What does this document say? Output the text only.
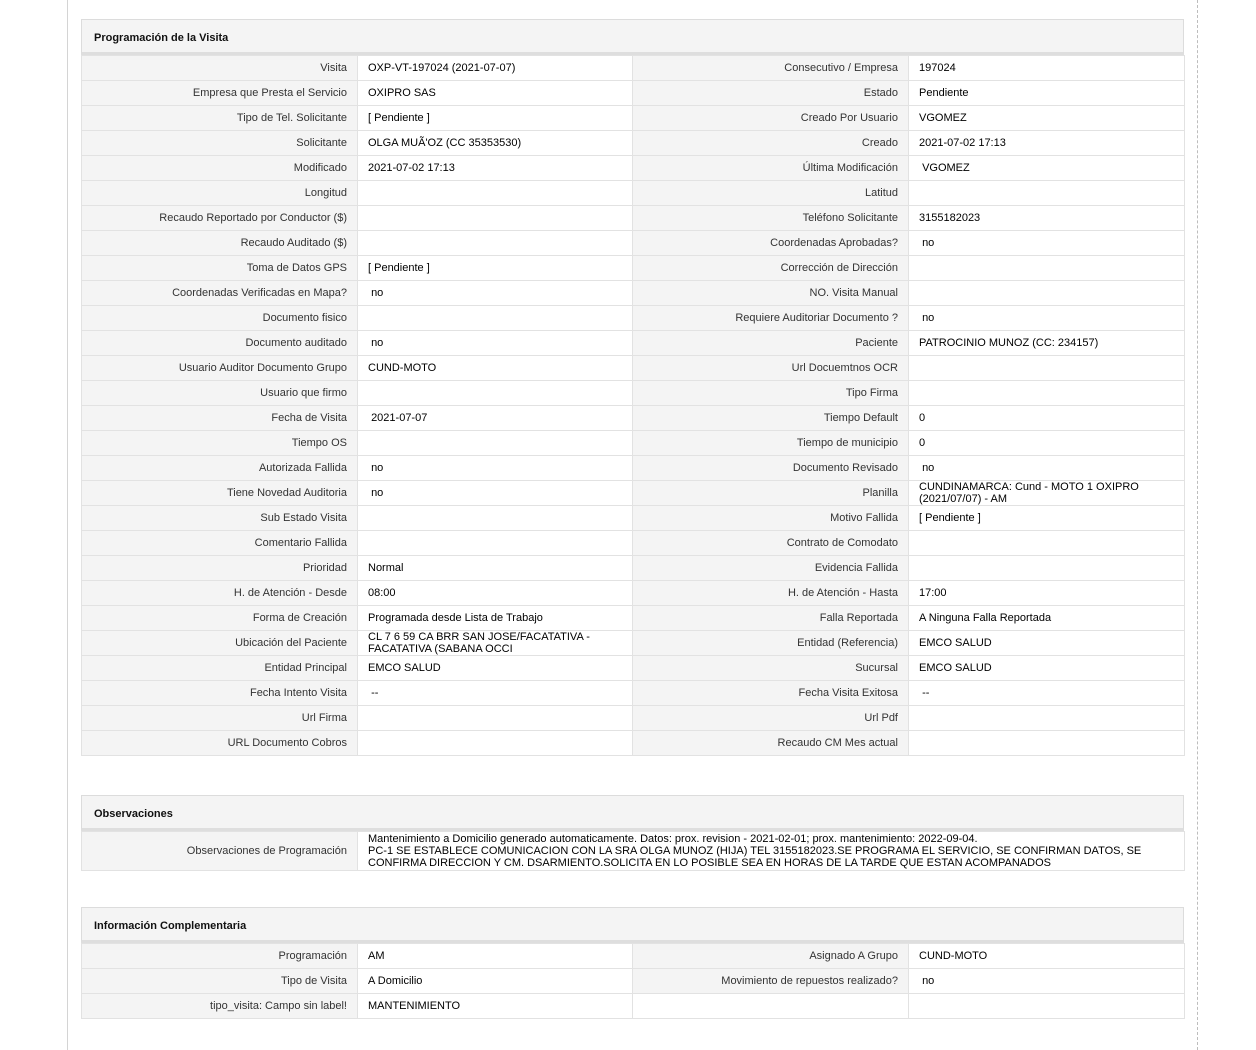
Programación de la Visita
Visita	OXP-VT-197024 (2021-07-07)	Consecutivo / Empresa	197024
Empresa que Presta el Servicio	OXIPRO SAS	Estado	Pendiente
Tipo de Tel. Solicitante	[ Pendiente ]	Creado Por Usuario	VGOMEZ
Solicitante	OLGA MUÃ'OZ (CC 35353530)	Creado	2021-07-02 17:13
Modificado	2021-07-02 17:13	Última Modificación	VGOMEZ
Longitud		Latitud	
Recaudo Reportado por Conductor ($)		Teléfono Solicitante	3155182023
Recaudo Auditado ($)		Coordenadas Aprobadas?	no
Toma de Datos GPS	[ Pendiente ]	Corrección de Dirección	
Coordenadas Verificadas en Mapa?	no	NO. Visita Manual	
Documento fisico		Requiere Auditoriar Documento ?	no
Documento auditado	no	Paciente	PATROCINIO MUNOZ (CC: 234157)
Usuario Auditor Documento Grupo	CUND-MOTO	Url Docuemtnos OCR	
Usuario que firmo		Tipo Firma	
Fecha de Visita	2021-07-07	Tiempo Default	0
Tiempo OS		Tiempo de municipio	0
Autorizada Fallida	no	Documento Revisado	no
Tiene Novedad Auditoria	no	Planilla	CUNDINAMARCA: Cund - MOTO 1 OXIPRO (2021/07/07) - AM
Sub Estado Visita		Motivo Fallida	[ Pendiente ]
Comentario Fallida		Contrato de Comodato	
Prioridad	Normal	Evidencia Fallida	
H. de Atención - Desde	08:00	H. de Atención - Hasta	17:00
Forma de Creación	Programada desde Lista de Trabajo	Falla Reportada	A Ninguna Falla Reportada
Ubicación del Paciente	CL 7 6 59 CA BRR SAN JOSE/FACATATIVA - FACATATIVA (SABANA OCCI	Entidad (Referencia)	EMCO SALUD
Entidad Principal	EMCO SALUD	Sucursal	EMCO SALUD
Fecha Intento Visita	--	Fecha Visita Exitosa	--
Url Firma		Url Pdf	
URL Documento Cobros		Recaudo CM Mes actual	
Observaciones
Observaciones de Programación	
Mantenimiento a Domicilio generado automaticamente. Datos: prox. revision - 2021-02-01; prox. mantenimiento: 2022-09-04.
PC-1 SE ESTABLECE COMUNICACION CON LA SRA OLGA MUNOZ (HIJA) TEL 3155182023.SE PROGRAMA EL SERVICIO, SE CONFIRMAN DATOS, SE CONFIRMA DIRECCION Y CM. DSARMIENTO.SOLICITA EN LO POSIBLE SEA EN HORAS DE LA TARDE QUE ESTAN ACOMPANADOS
Información Complementaria
Programación	AM	Asignado A Grupo	CUND-MOTO
Tipo de Visita	A Domicilio	Movimiento de repuestos realizado?	no
tipo_visita: Campo sin label!	MANTENIMIENTO		
